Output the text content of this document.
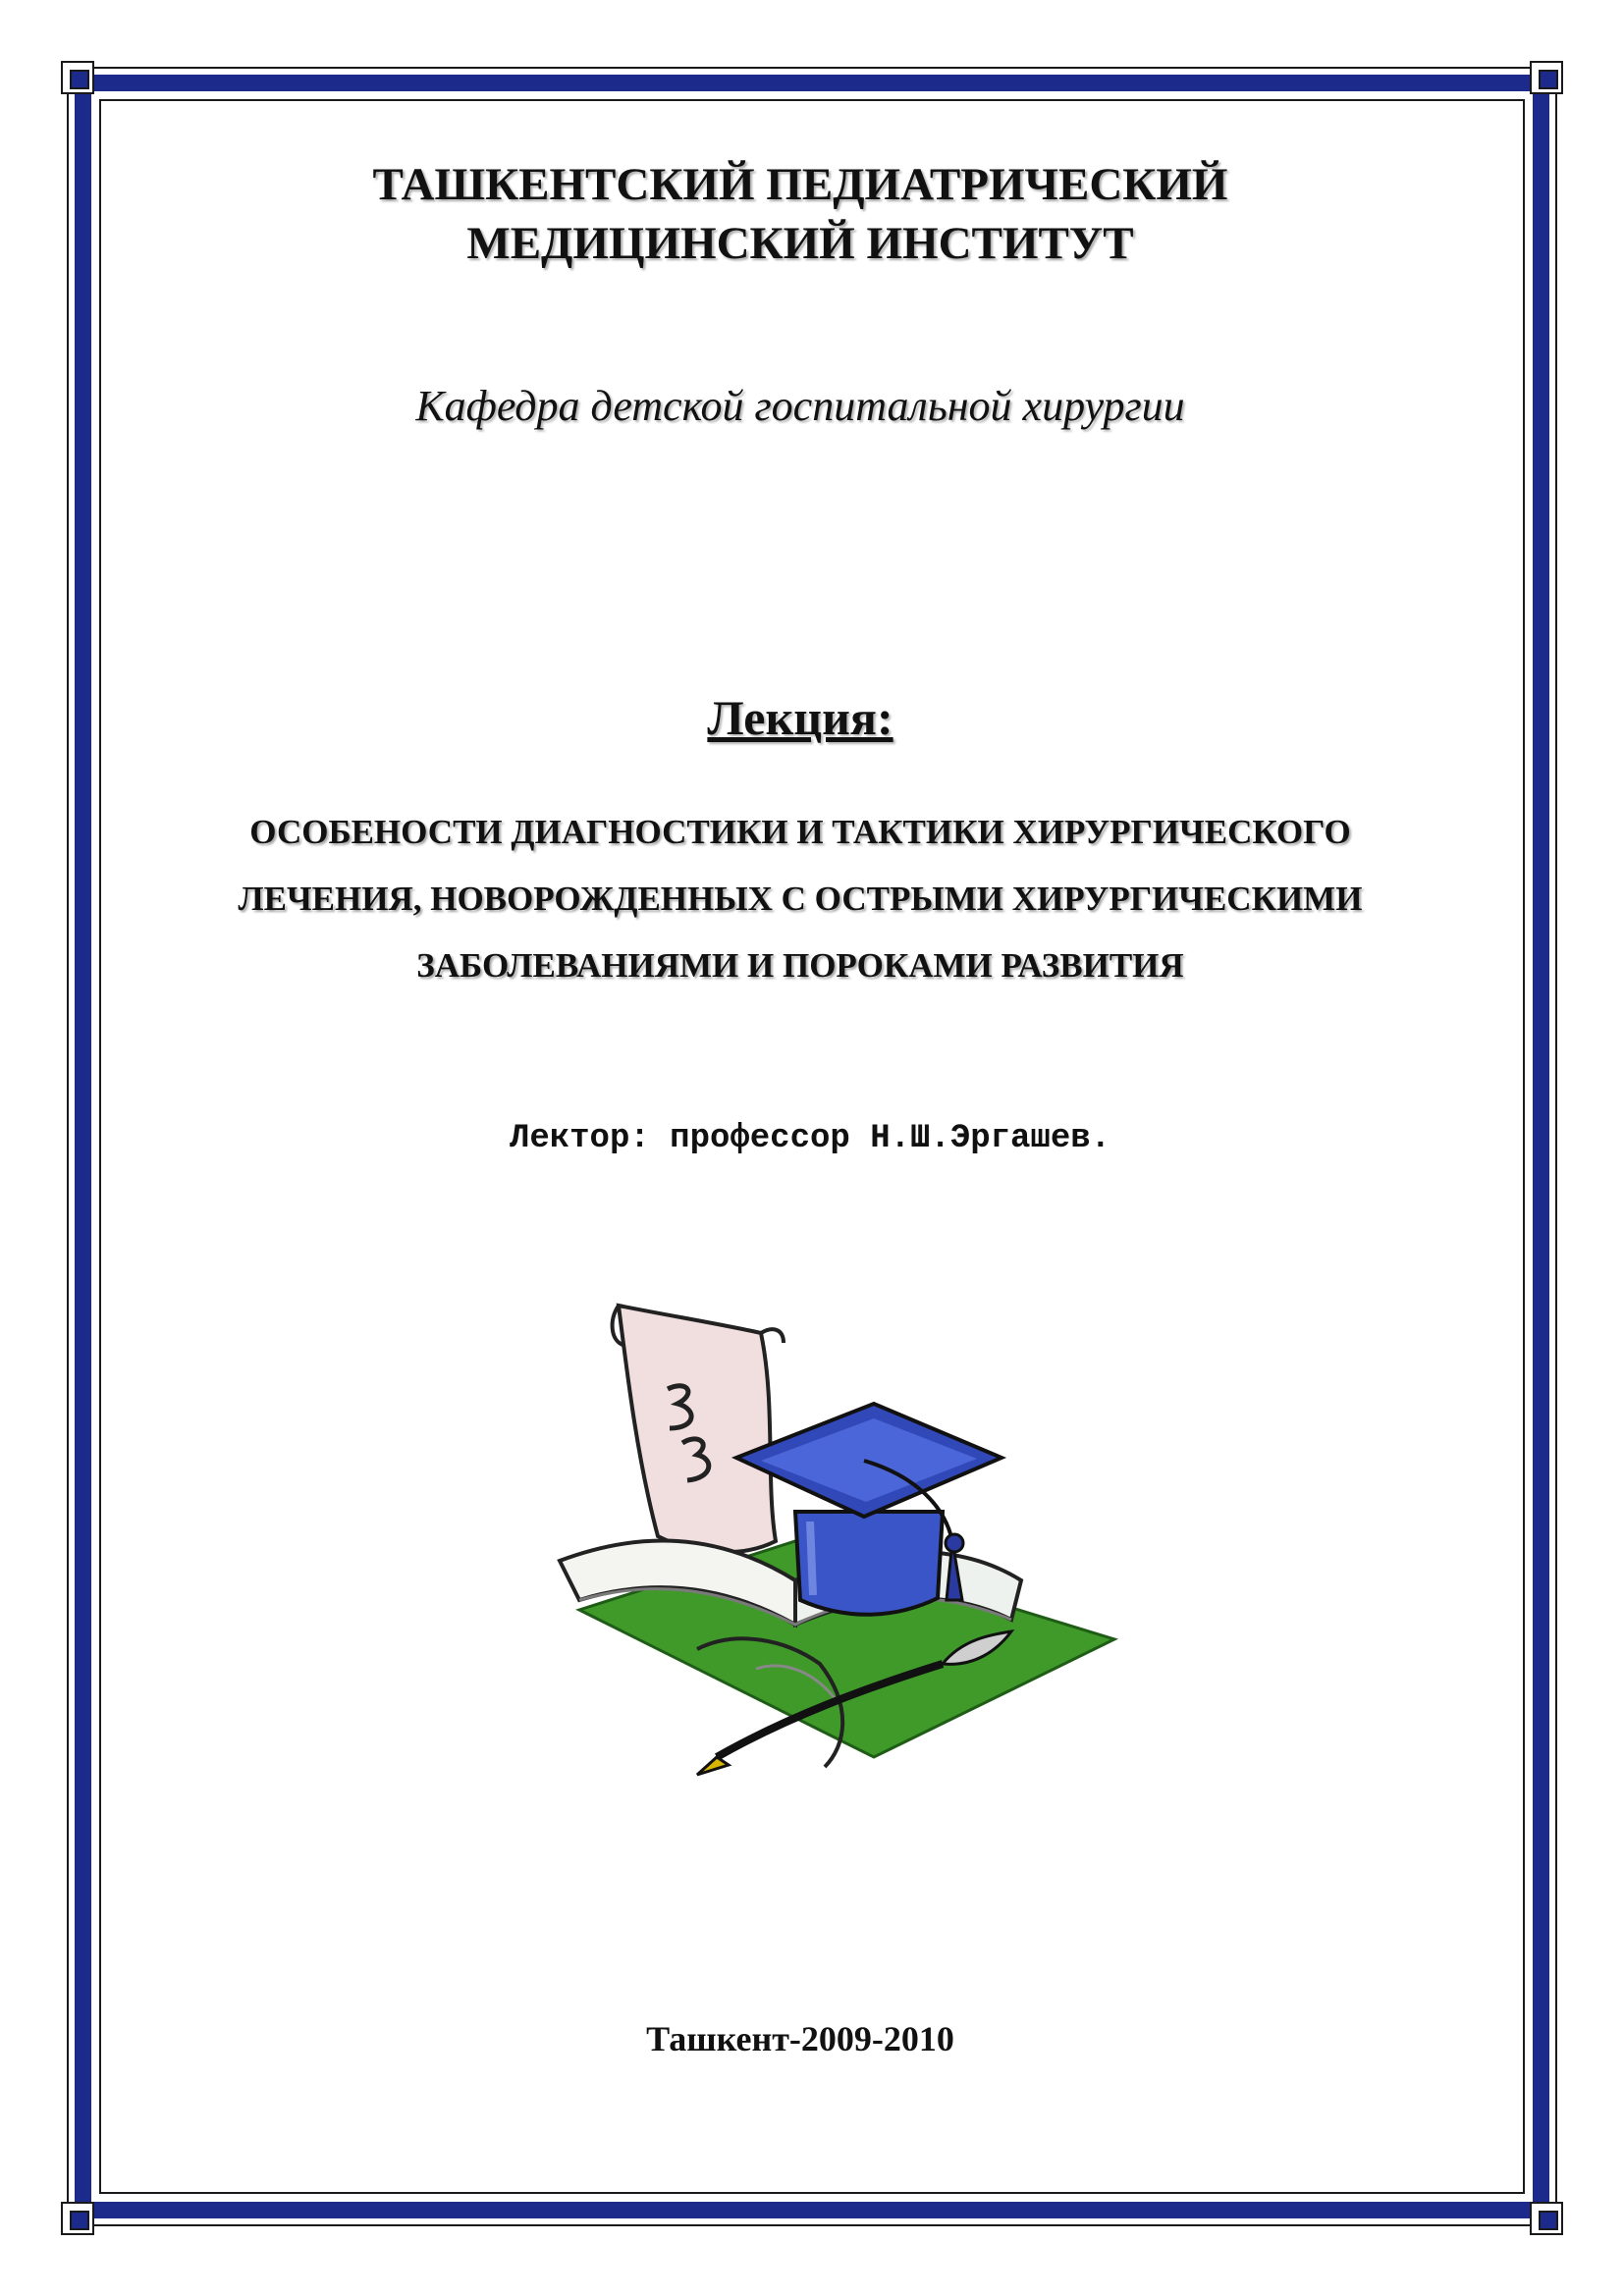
ТАШКЕНТСКИЙ ПЕДИАТРИЧЕСКИЙ
МЕДИЦИНСКИЙ ИНСТИТУТ
Кафедра детской госпитальной хирургии
Лекция:
ОСОБЕНОСТИ ДИАГНОСТИКИ И ТАКТИКИ ХИРУРГИЧЕСКОГО
ЛЕЧЕНИЯ, НОВОРОЖДЕННЫХ С ОСТРЫМИ ХИРУРГИЧЕСКИМИ
ЗАБОЛЕВАНИЯМИ И ПОРОКАМИ РАЗВИТИЯ
Лектор: профессор Н.Ш.Эргашев.
Ташкент-2009-2010
